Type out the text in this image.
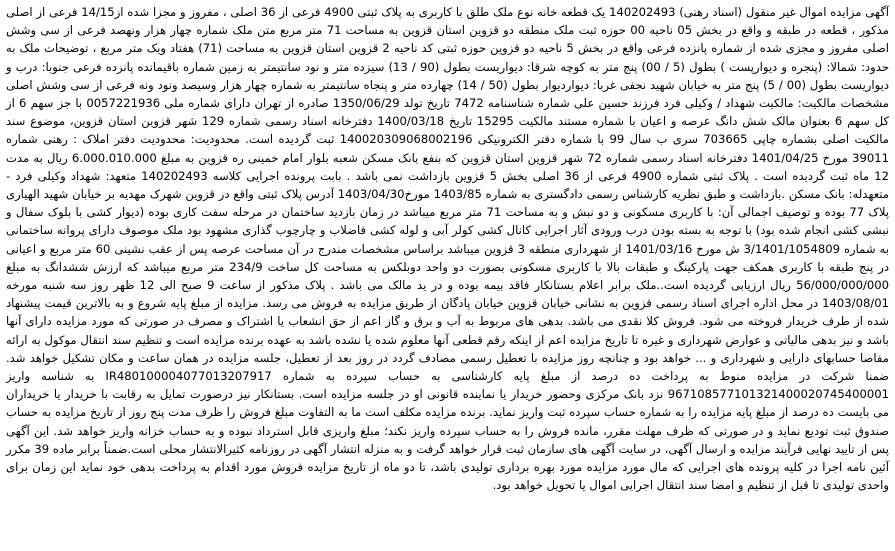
آگهی مزایده اموال غیر منقول (اسناد رهنی) 140202493 یک قطعه خانه نوع ملک طلق با کاربری به پلاک ثبتی 4900 فرعی از 36 اصلی ، مفروز و مجزا شده از14/15 فرعی از اصلی مذکور ، قطعه در طبقه و واقع در بخش 05 ناحیه 00 حوزه ثبت ملک منطقه دو قزوین استان قزوین به مساحت 71 متر مربع متن ملک شماره چهار هزار ونهصد فرعی از سی وشش اصلی مفروز و مجزی شده از شماره پانزده فرعی واقع در بخش 5 ناحیه دو قزوین حوزه ثبتی کد ناحیه 2 قزوین استان قزوین به مساحت (71) هفتاد ویک متر مربع ، توضیحات ملک به حدود: شمالا: (پنجره و دیوارپست ) بطول (5 / 00) پنج متر به کوچه شرقا: دیواریست بطول (90 / 13) سیزده متر و نود سانتیمتر به زمین شماره باقیمانده پانزده فرعی جنوبا: درب و دیواریست بطول (00 / 5) پنج متر به خیابان شهید نجفی غربا: دیواردیوار بطول (50 / 14) چهارده متر و پنجاه سانتیمتر به شماره چهار هزار وسیصد ونود ونه فرعی از سی وشش اصلی مشخصات مالکیت: مالکیت شهداد / وکیلی فرد فرزند حسین علی شماره شناسنامه 7472 تاریخ تولد 1350/06/29 صادره از تهران دارای شماره ملی 0057221936 با جز سهم 6 از کل سهم 6 بعنوان مالک شش دانگ عرصه و اعیان با شماره مستند مالکیت 15295 تاریخ 1400/03/18 دفترخانه اسناد رسمی شماره 129 شهر قزوین استان قزوین، موضوع سند مالکیت اصلی بشماره چاپی 703665 سری ب سال 99 با شماره دفتر الکترونیکی 140020309068002196 ثبت گردیده است. محدودیت: محدودیت دفتر املاک : رهنی شماره 39011 مورخ 1401/04/25 دفترخانه اسناد رسمی شماره 72 شهر قزوین استان قزوین که بنفع بانک مسکن شعبه بلوار امام خمینی ره قزوین به مبلغ 6.000.010.000 ریال به مدت 12 ماه ثبت گردیده است . پلاک ثبتی شماره 4900 فرعی از 36 اصلی بخش 5 قزوین بازداشت نمی باشد . بابت پرونده اجرایی کلاسه 140202493 متعهد: شهداد وکیلی فرد - متعهدله: بانک مسکن .بازداشت و طبق نظریه کارشناس رسمی دادگستری به شماره 1403/85 مورخ1403/04/30 آدرس پلاک ثبتی واقع در قزوین شهرک مهدیه بر خیابان شهید الهیاری پلاک 77 بوده و توصیف اجمالی آن: با کاربری مسکونی و دو نبش و به مساحت 71 متر مربع میباشد در زمان بازدید ساختمان در مرحله سفت کاری بوده (دیوار کشی با بلوک سفال و نبشی کشی انجام شده بود) با توجه به بسته بودن درب ورودی آثار اجرایی کانال کشی کولر آبی و لوله کشی فاضلاب و چارچوب گذاری مشهود بود ملک موصوف دارای پروانه ساختمانی به شماره 3/1401/1054809 ش مورخ 1401/03/16 از شهرداری منطقه 3 قزوین میباشد براساس مشخصات مندرج در آن مساحت عرصه پس از عقب نشینی 60 متر مربع و اعیانی در پنج طبقه با کاربری همکف جهت پارکینگ و طبقات بالا با کاربری مسکونی بصورت دو واحد دوبلکس به مساحت کل ساخت 234/9 متر مربع میباشد که ارزش ششدانگ به مبلغ 56/000/000/000 ریال ارزیابی گردیده است..ملک برابر اعلام بستانکار فاقد بیمه بوده و در ید مالک می باشد . پلاک مذکور از ساعت 9 صبح الی 12 ظهر روز سه شنبه مورخه 1403/08/01 در محل اداره اجرای اسناد رسمی قزوین به نشانی خیابان قزوین خیابان پادگان از طریق مزایده به فروش می رسد. مزایده از مبلغ پایه شروع و به بالاترین قیمت پیشنهاد شده از طرف خریدار فروخته می شود. فروش کلا نقدی می باشد. بدهی های مربوط به آب و برق و گاز اعم از حق انشعاب یا اشتراک و مصرف در صورتی که مورد مزایده دارای آنها باشد و نیز بدهی مالیاتی و عوارض شهرداری و غیره تا تاریخ مزایده اعم از اینکه رقم قطعی آنها معلوم شده یا نشده باشد به عهده برنده مزایده است و تنظیم سند انتقال موکول به ارائه مفاصا حسابهای دارایی و شهرداری و ... خواهد بود و چنانچه روز مزایده با تعطیل رسمی مصادف گردد در روز بعد از تعطیل، جلسه مزایده در همان ساعت و مکان تشکیل خواهد شد. ضمنا شرکت در مزایده منوط به پرداخت ده درصد از مبلغ پایه کارشناسی به حساب سپرده به شماره IR480100004077013207917 به شناسه واریز 967108577101321400020745400001 نزد بانک مرکزی وحضور خریدار یا نماینده قانونی او در جلسه مزایده است. بستانکار نیز درصورت تمایل به رقابت با خریدار یا خریداران می بایست ده درصد از مبلغ پایه مزایده را به شماره حساب سپرده ثبت واریز نماید. برنده مزایده مکلف است ما به التفاوت مبلغ فروش را ظرف مدت پنج روز از تاریخ مزایده به حساب صندوق ثبت تودیع نماید و در صورتی که ظرف مهلت مقرر، مانده فروش را به حساب سپرده واریز نکند؛ مبلغ واریزی قابل استرداد نبوده و به حساب خزانه واریز خواهد شد. این آگهی پس از تایید نهایی فرآیند مزایده و ارسال آگهی، در سایت آگهی های سازمان ثبت قرار خواهد گرفت و به منزله انتشار آگهی در روزنامه کثیرالانتشار محلی است.ضمناً برابر ماده 39 مکرر آئین نامه اجرا در کلیه پرونده های اجرایی که مال مورد مزایده مورد بهره برداری تولیدی باشد، تا دو ماه از تاریخ مزایده فروش مورد اقدام به پرداخت بدهی خود نماید این زمان برای واحدی تولیدی تا قبل از تنظیم و امضا سند انتقال اجرایی اموال یا تحویل خواهد بود.
